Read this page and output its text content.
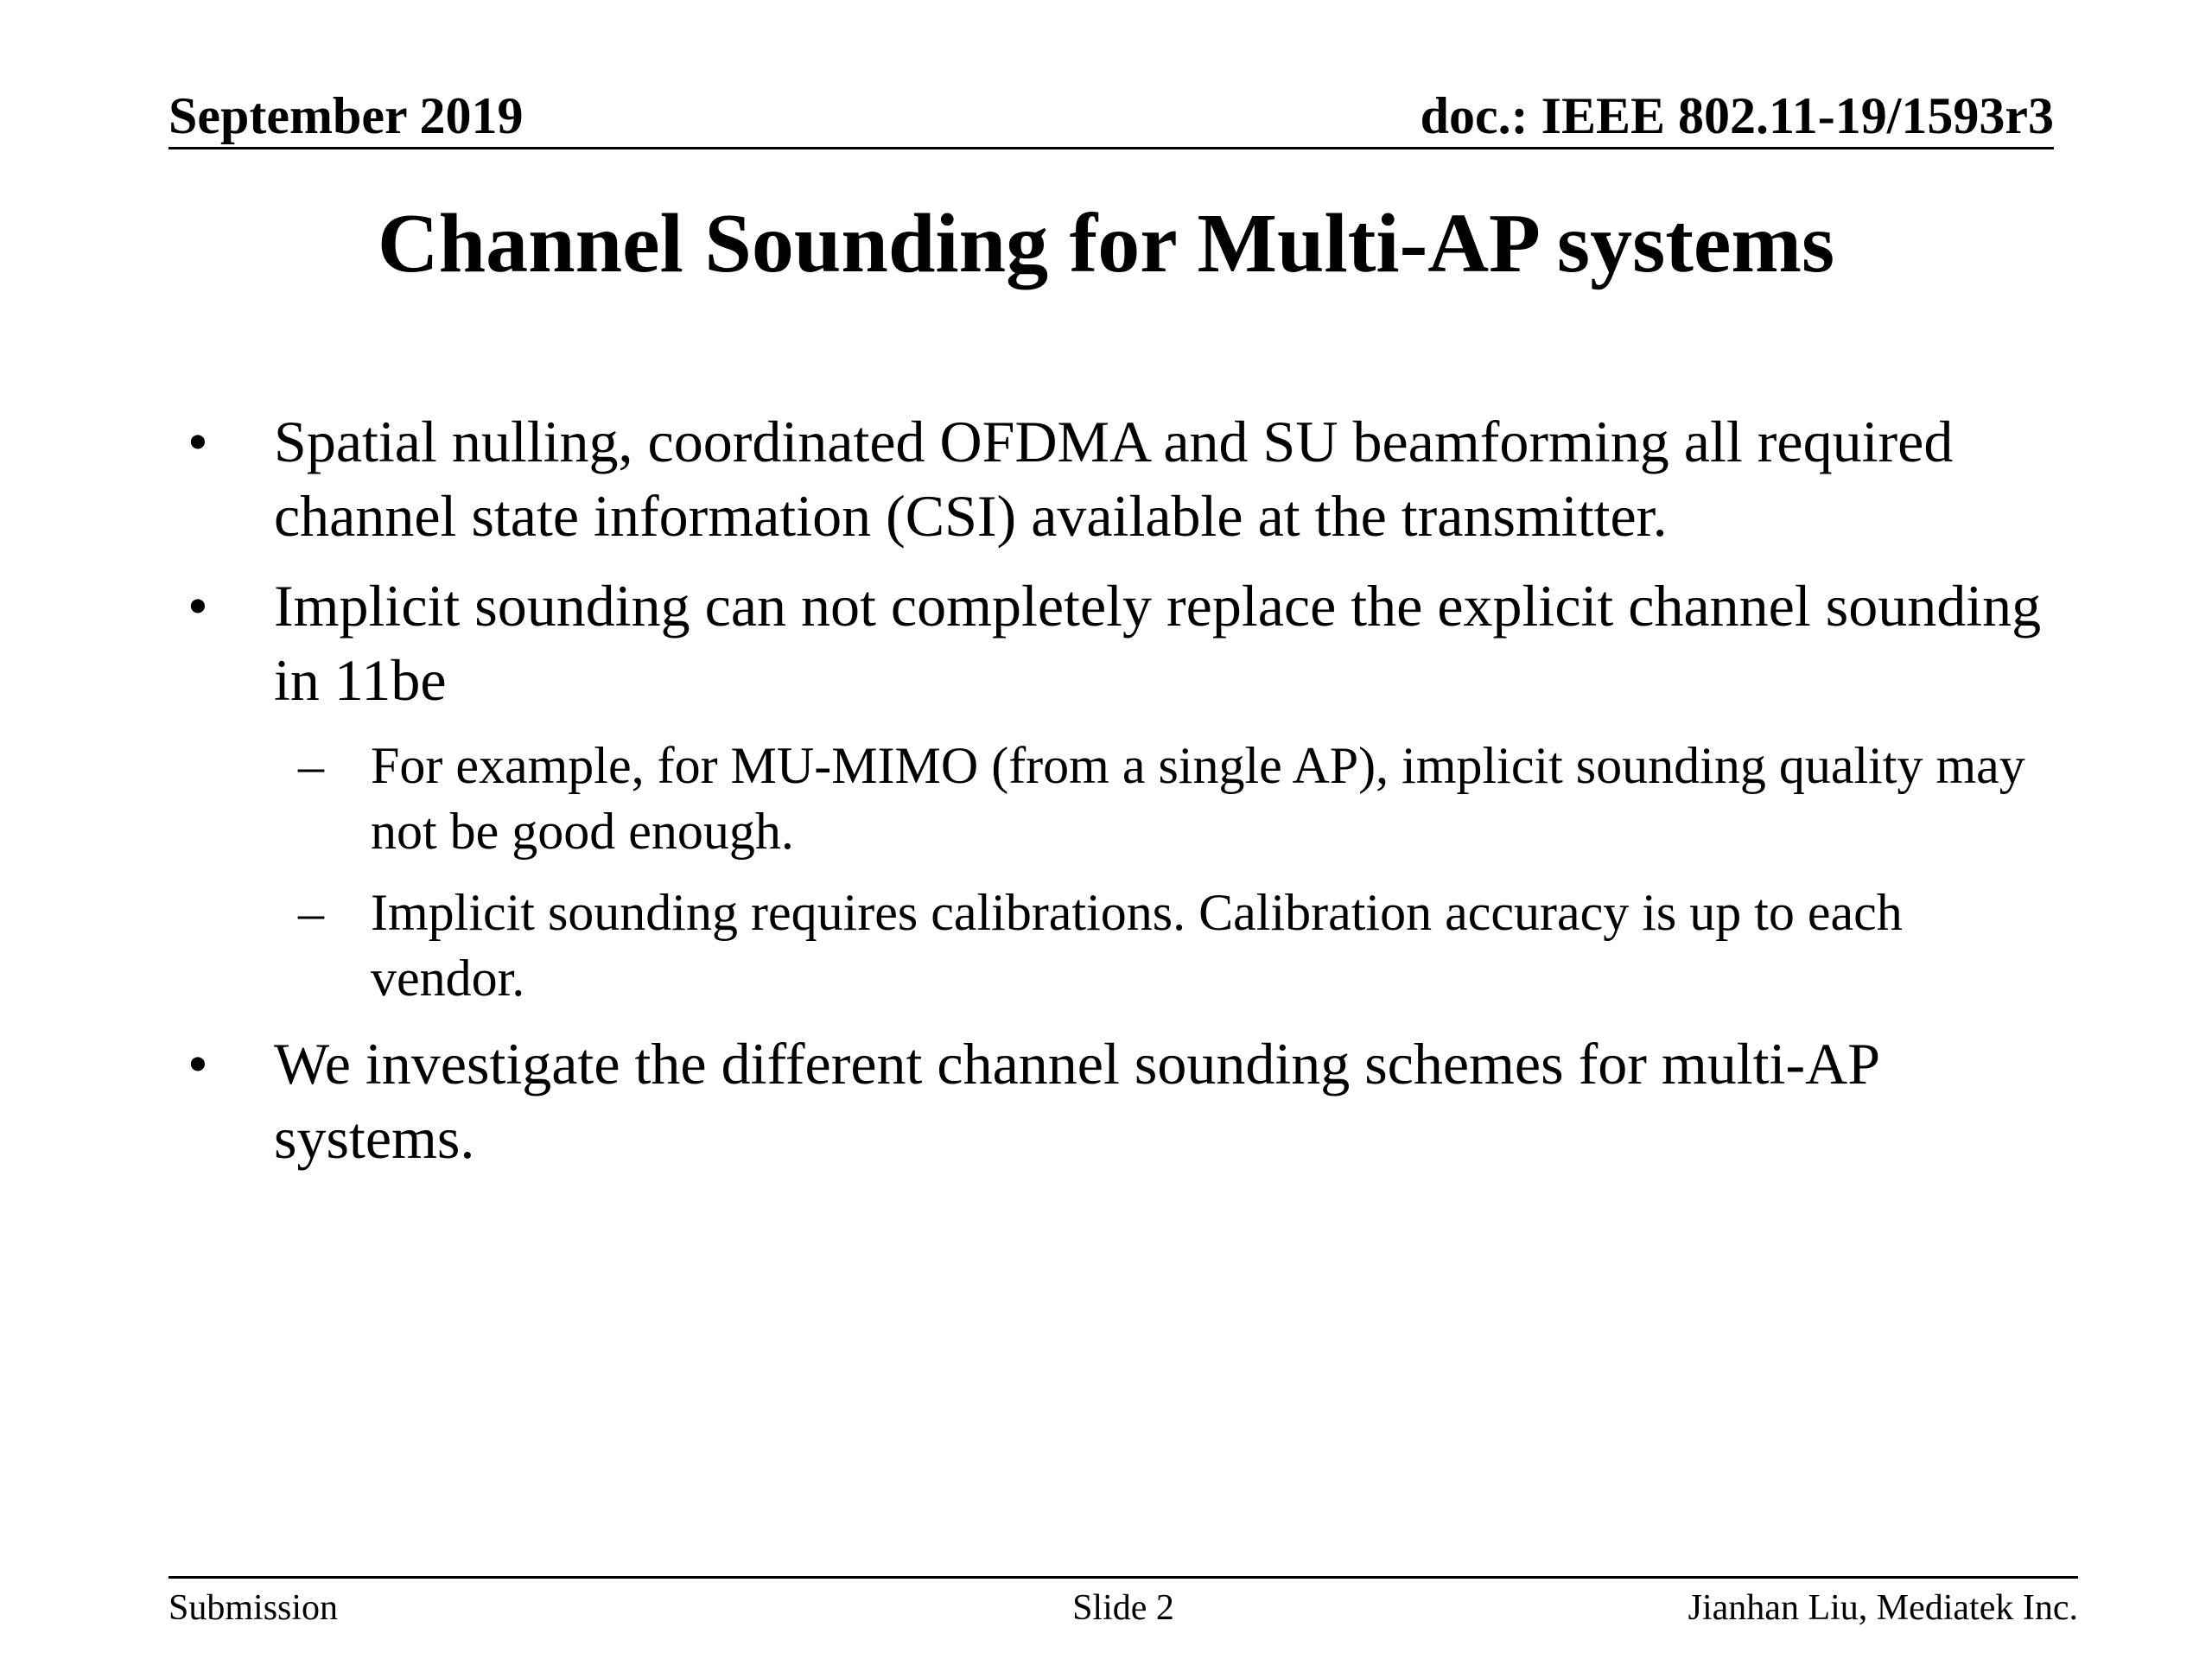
September 2019	doc.: IEEE 802.11-19/1593r3
Channel Sounding for Multi-AP systems
• Spatial nulling, coordinated OFDMA and SU beamforming all required channel state information (CSI) available at the transmitter.
• Implicit sounding can not completely replace the explicit channel sounding in 11be
– For example, for MU-MIMO (from a single AP), implicit sounding quality may not be good enough.
– Implicit sounding requires calibrations. Calibration accuracy is up to each vendor.
• We investigate the different channel sounding schemes for multi-AP systems.
Submission	Slide 2	Jianhan Liu, Mediatek Inc.
